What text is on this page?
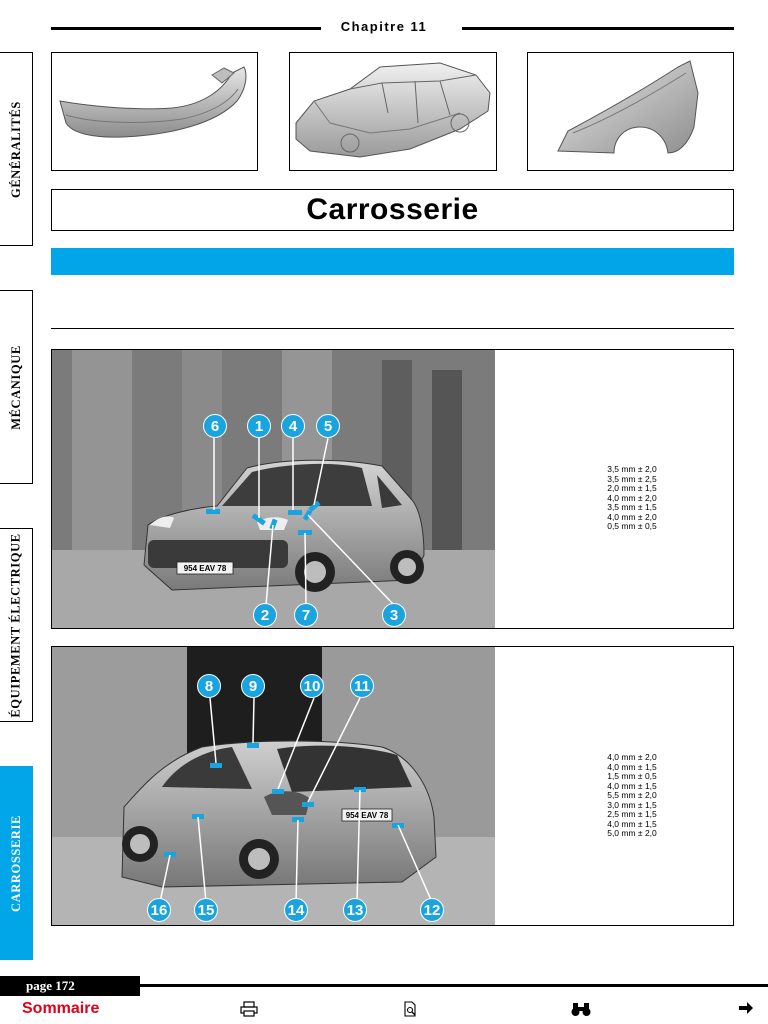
Chapitre 11
Carrosserie
GÉNÉRALITÉS
MÉCANIQUE
ÉQUIPEMENT ÉLECTRIQUE
CARROSSERIE
954 EAV 78
6	1	4	5
2	7	3
3,5 mm ± 2,0
3,5 mm ± 2,5
2,0 mm ± 1,5
4,0 mm ± 2,0
3,5 mm ± 1,5
4,0 mm ± 2,0
0,5 mm ± 0,5
954 EAV 78
8	9	10 11
16 15	14	13	12
4,0 mm ± 2,0
4,0 mm ± 1,5
1,5 mm ± 0,5
4,0 mm ± 1,5
5,5 mm ± 2,0
3,0 mm ± 1,5
2,5 mm ± 1,5
4,0 mm ± 1,5
5,0 mm ± 2,0
page 172
Sommaire
